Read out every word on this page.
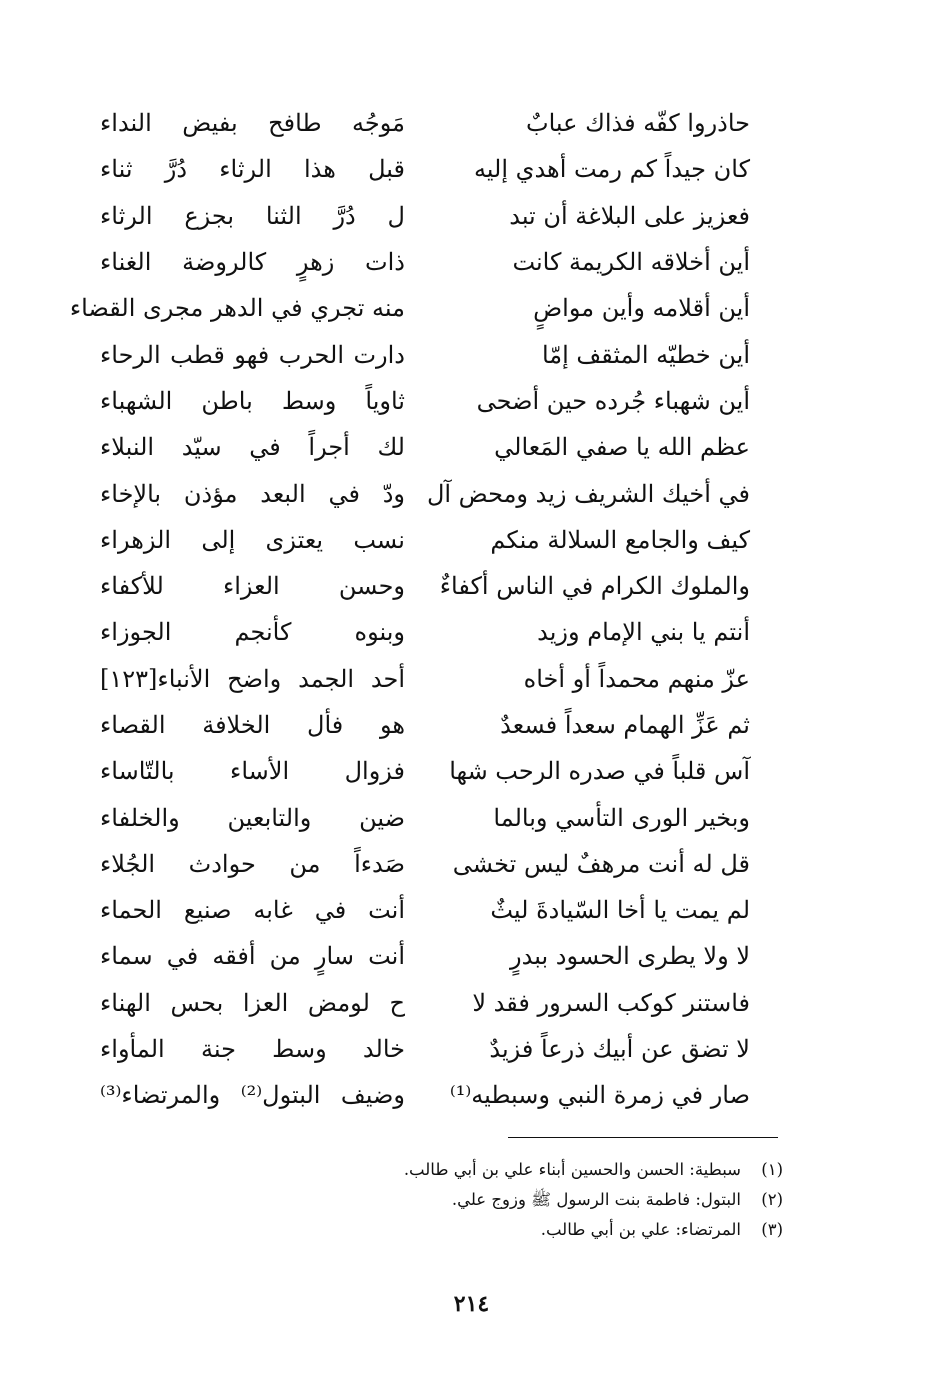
حاذروا كفّه فذاك عبابٌ
مَوجُه طافح بفيض النداء
كان جيداً كم رمت أهدي إليه
قبل هذا الرثاء دُرَّ ثناء
فعزيز على البلاغة أن تبد
ل دُرَّ الثنا بجزع الرثاء
أين أخلاقه الكريمة كانت
ذات زهرٍ كالروضة الغناء
أين أقلامه وأين مواضٍ
منه تجري في الدهر مجرى القضاء
أين خطيّه المثقف إمّا
دارت الحرب فهو قطب الرحاء
أين شهباء جُرده حين أضحى
ثاوياً وسط باطن الشهباء
عظم الله يا صفي المَعالي
لك أجراً في سيّد النبلاء
في أخيك الشريف زيد ومحض آل
ودّ في البعد مؤذن بالإخاء
كيف والجامع السلالة منكم
نسب يعتزى إلى الزهراء
والملوك الكرام في الناس أكفاءٌ
وحسن العزاء للأكفاء
أنتم يا بني الإمام وزيد
وبنوه كأنجم الجوزاء
عزّ منهم محمداً أو أخاه
أحد الجمد واضح الأنباء[١٢٣]
ثم عَزِّ الهمام سعداً فسعدٌ
هو فأل الخلافة القصاء
آس قلباً في صدره الرحب شها
فزوال الأساء بالتّاساء
وبخير الورى التأسي وبالما
ضين والتابعين والخلفاء
قل له أنت مرهفٌ ليس تخشى
صَدءاً من حوادث الجُلاء
لم يمت يا أخا السّيادةَ ليثٌ
أنت في غابه صنيع الحماء
لا ولا يطرى الحسود ببدرٍ
أنت سارٍ من أفقه في سماء
فاستنر كوكب السرور فقد لا
ح لومض العزا بحس الهناء
لا تضق عن أبيك ذرعاً فزيدٌ
خالد وسط جنة المأواء
صار في زمرة النبي وسبطيه⁽¹⁾
وضيف البتول⁽²⁾ والمرتضاء⁽³⁾
(١)
سبطية: الحسن والحسين أبناء علي بن أبي طالب.
(٢)
البتول: فاطمة بنت الرسول ﷺ وزوج علي.
(٣)
المرتضاء: علي بن أبي طالب.
٢١٤
